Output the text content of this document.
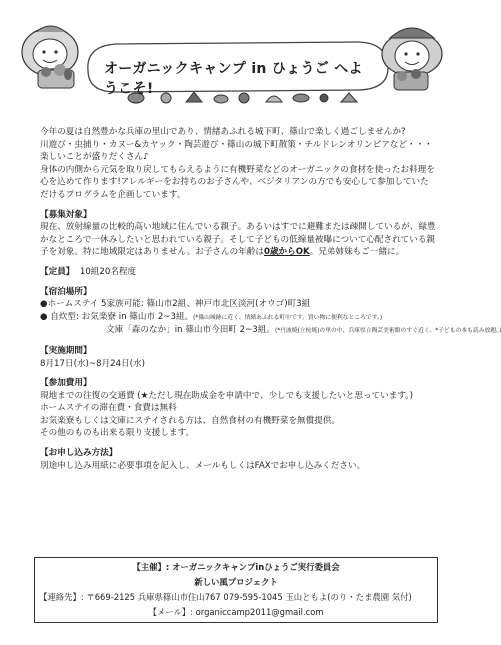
オーガニックキャンプ in ひょうご へようこそ!

今年の夏は自然豊かな兵庫の里山であり、情緒あふれる城下町、篠山で楽しく過ごしませんか?

川遊び・虫捕り・カヌー&カヤック・陶芸遊び・篠山の城下町散策・チルドレンオリンピアなど・・・

楽しいことが盛りだくさん♪

身体の内側から元気を取り戻してもらえるように有機野菜などのオーガニックの食材を使ったお料理を

心を込めて作ります!アレルギーをお持ちのお子さんや、ベジタリアンの方でも安心して参加していた

だけるプログラムを企画しています。

【募集対象】

現在、放射線量の比較的高い地域に住んでいる親子。あるいはすでに避難または疎開しているが、緑豊

かなところで一休みしたいと思われている親子。そして子どもの低線量被曝について心配されている親

子を対象。特に地域限定はありません。お子さんの年齢は0歳からOK。兄弟姉妹もご一緒に。

【定員】 10組20名程度

【宿泊場所】

●ホームステイ 5家族可能: 篠山市2組、神戸市北区淡河(オウゴ)町3組

● 自炊型: お気楽寮 in 篠山市 2~3組。(*篠山城跡に近く、情緒あふれる町中です。買い物に便利なところです。)

文庫「森のなか」in 篠山市今田町 2~3組。(*丹波焼(立杭焼)の里の中、兵庫県立陶芸美術館のすぐ近く。*子どもの本も読み放題。)

【実施期間】

8月17日(水)~8月24日(水)

【参加費用】

現地までの往復の交通費 (★ただし現在助成金を申請中で、少しでも支援したいと思っています。)

ホームステイの滞在費・食費は無料

お気楽寮もしくは文庫にステイされる方は、自然食材の有機野菜を無償提供。

その他のものも出来る限り支援します。

【お申し込み方法】

別途申し込み用紙に必要事項を記入し、メールもしくはFAXでお申し込みください。

【主催】: オーガニックキャンプinひょうご実行委員会
新しい風プロジェクト
【連絡先】: 〒669-2125 兵庫県篠山市住山767 079-595-1045 玉山ともよ(のり・たま農園 気付)
【メール】: organiccamp2011@gmail.com
